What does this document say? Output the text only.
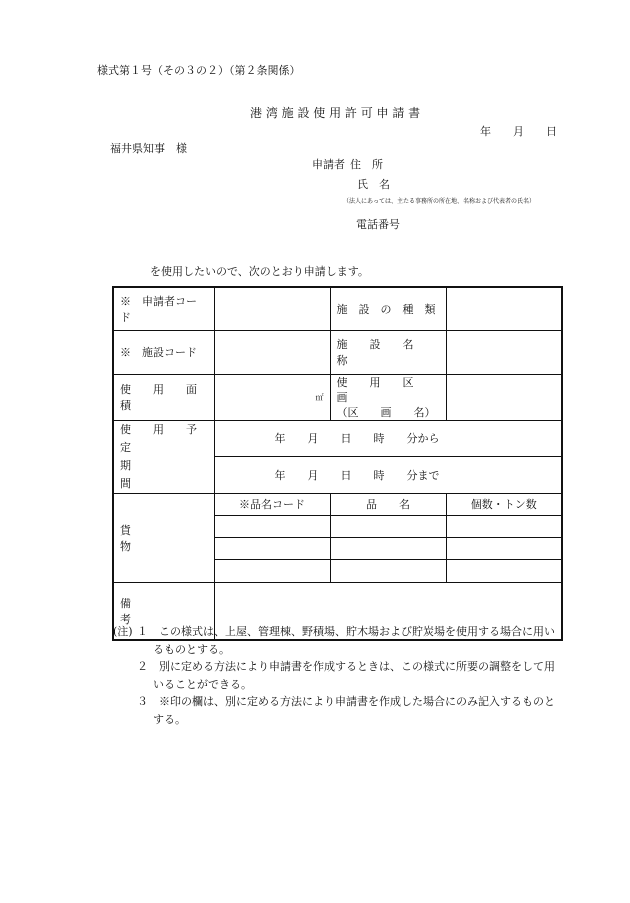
様式第１号（その３の２）（第２条関係）
港 湾 施 設 使 用 許 可 申 請 書
年　　月　　日
福井県知事　様
申請者 住　所
氏　名
（法人にあっては、主たる事務所の所在地、名称および代表者の氏名）
電話番号
を使用したいので、次のとおり申請します。
※　申請者コード		施　設　の　種　類	
※　施設コード		施　　設　　名　　称	
使　　用　　面　　積	㎡	使　　用　　区　　画
（区　　画　　名）	

使　　用　　予　　定
期　　　　　　　間	年　　月　　日　　時　　分から		
	年　　月　　日　　時　　分まで		
貨　　　　　　　物	※品名コード	品　　名	個数・トン数

備　　　　　　　考			
(注) １　 この様式は、上屋、管理棟、野積場、貯木場および貯炭場を使用する場合に用い
るものとする。
２　 別に定める方法により申請書を作成するときは、この様式に所要の調整をして用
いることができる。
３　 ※印の欄は、別に定める方法により申請書を作成した場合にのみ記入するものと
する。
